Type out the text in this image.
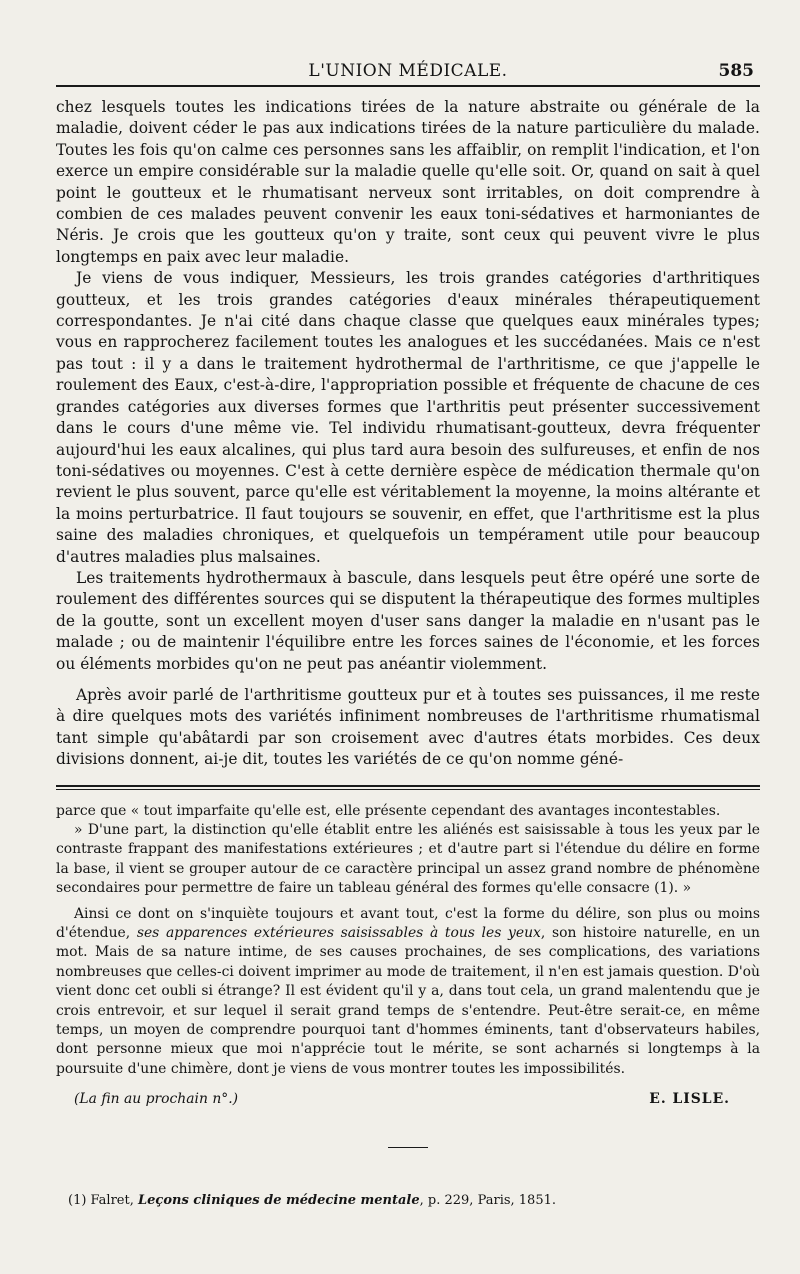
L'UNION MÉDICALE.	585

chez lesquels toutes les indications tirées de la nature abstraite ou générale de la maladie, doivent céder le pas aux indications tirées de la nature particulière du malade. Toutes les fois qu'on calme ces personnes sans les affaiblir, on remplit l'indication, et l'on exerce un empire considérable sur la maladie quelle qu'elle soit. Or, quand on sait à quel point le goutteux et le rhumatisant nerveux sont irritables, on doit comprendre à combien de ces malades peuvent convenir les eaux toni-sédatives et harmoniantes de Néris. Je crois que les goutteux qu'on y traite, sont ceux qui peuvent vivre le plus longtemps en paix avec leur maladie.

Je viens de vous indiquer, Messieurs, les trois grandes catégories d'arthritiques goutteux, et les trois grandes catégories d'eaux minérales thérapeutiquement correspondantes. Je n'ai cité dans chaque classe que quelques eaux minérales types; vous en rapprocherez facilement toutes les analogues et les succédanées. Mais ce n'est pas tout : il y a dans le traitement hydrothermal de l'arthritisme, ce que j'appelle le roulement des Eaux, c'est-à-dire, l'appropriation possible et fréquente de chacune de ces grandes catégories aux diverses formes que l'arthritis peut présenter successivement dans le cours d'une même vie. Tel individu rhumatisant-goutteux, devra fréquenter aujourd'hui les eaux alcalines, qui plus tard aura besoin des sulfureuses, et enfin de nos toni-sédatives ou moyennes. C'est à cette dernière espèce de médication thermale qu'on revient le plus souvent, parce qu'elle est véritablement la moyenne, la moins altérante et la moins perturbatrice. Il faut toujours se souvenir, en effet, que l'arthritisme est la plus saine des maladies chroniques, et quelquefois un tempérament utile pour beaucoup d'autres maladies plus malsaines.

Les traitements hydrothermaux à bascule, dans lesquels peut être opéré une sorte de roulement des différentes sources qui se disputent la thérapeutique des formes multiples de la goutte, sont un excellent moyen d'user sans danger la maladie en n'usant pas le malade ; ou de maintenir l'équilibre entre les forces saines de l'économie, et les forces ou éléments morbides qu'on ne peut pas anéantir violemment.

Après avoir parlé de l'arthritisme goutteux pur et à toutes ses puissances, il me reste à dire quelques mots des variétés infiniment nombreuses de l'arthritisme rhumatismal tant simple qu'abâtardi par son croisement avec d'autres états morbides. Ces deux divisions donnent, ai-je dit, toutes les variétés de ce qu'on nomme géné-

parce que « tout imparfaite qu'elle est, elle présente cependant des avantages incontestables.

» D'une part, la distinction qu'elle établit entre les aliénés est saisissable à tous les yeux par le contraste frappant des manifestations extérieures ; et d'autre part si l'étendue du délire en forme la base, il vient se grouper autour de ce caractère principal un assez grand nombre de phénomène secondaires pour permettre de faire un tableau général des formes qu'elle consacre (1). »

Ainsi ce dont on s'inquiète toujours et avant tout, c'est la forme du délire, son plus ou moins d'étendue, ses apparences extérieures saisissables à tous les yeux, son histoire naturelle, en un mot. Mais de sa nature intime, de ses causes prochaines, de ses complications, des variations nombreuses que celles-ci doivent imprimer au mode de traitement, il n'en est jamais question. D'où vient donc cet oubli si étrange? Il est évident qu'il y a, dans tout cela, un grand malentendu que je crois entrevoir, et sur lequel il serait grand temps de s'entendre. Peut-être serait-ce, en même temps, un moyen de comprendre pourquoi tant d'hommes éminents, tant d'observateurs habiles, dont personne mieux que moi n'apprécie tout le mérite, se sont acharnés si longtemps à la poursuite d'une chimère, dont je viens de vous montrer toutes les impossibilités.

(La fin au prochain n°.)	E. LISLE.
(1) Falret, Leçons cliniques de médecine mentale, p. 229, Paris, 1851.
